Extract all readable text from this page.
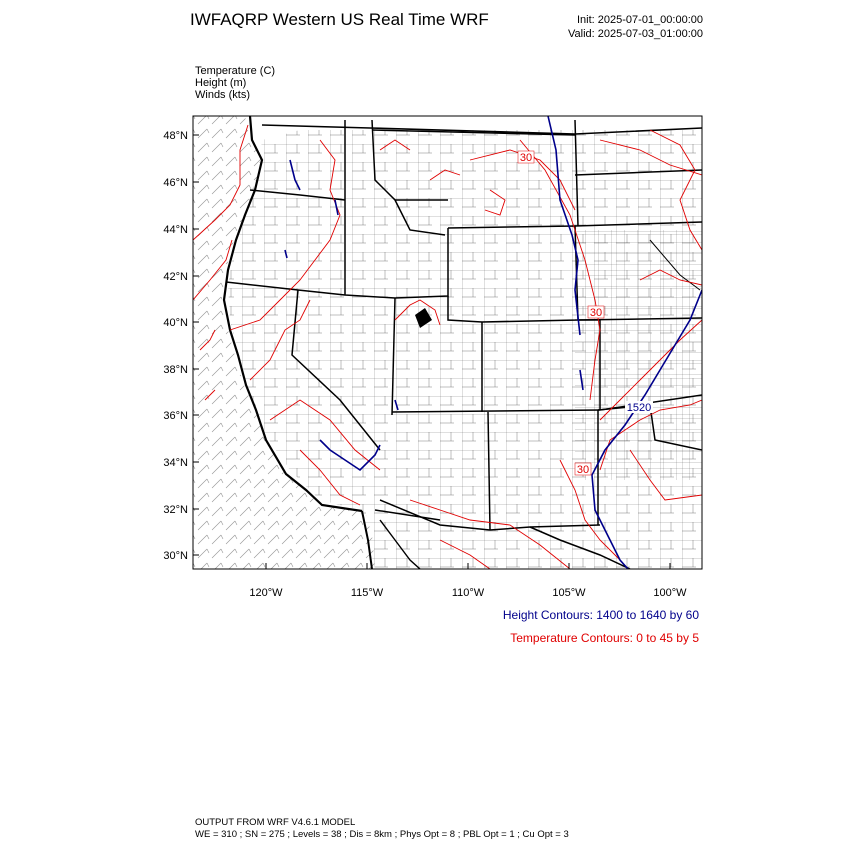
IWFAQRP Western US Real Time WRF	Init: 2025-07-01_00:00:00
Valid: 2025-07-03_01:00:00
Temperature (C)
Height (m)
Winds (kts)
48°N
46°N
44°N
42°N
40°N
38°N
36°N
34°N
32°N
30°N
120°W	115°W	110°W	105°W	100°W
30
30
30
1520
Height Contours: 1400 to 1640 by 60
Temperature Contours: 0 to 45 by 5
OUTPUT FROM WRF V4.6.1 MODEL
WE = 310 ; SN = 275 ; Levels = 38 ; Dis = 8km ; Phys Opt = 8 ; PBL Opt = 1 ; Cu Opt = 3
